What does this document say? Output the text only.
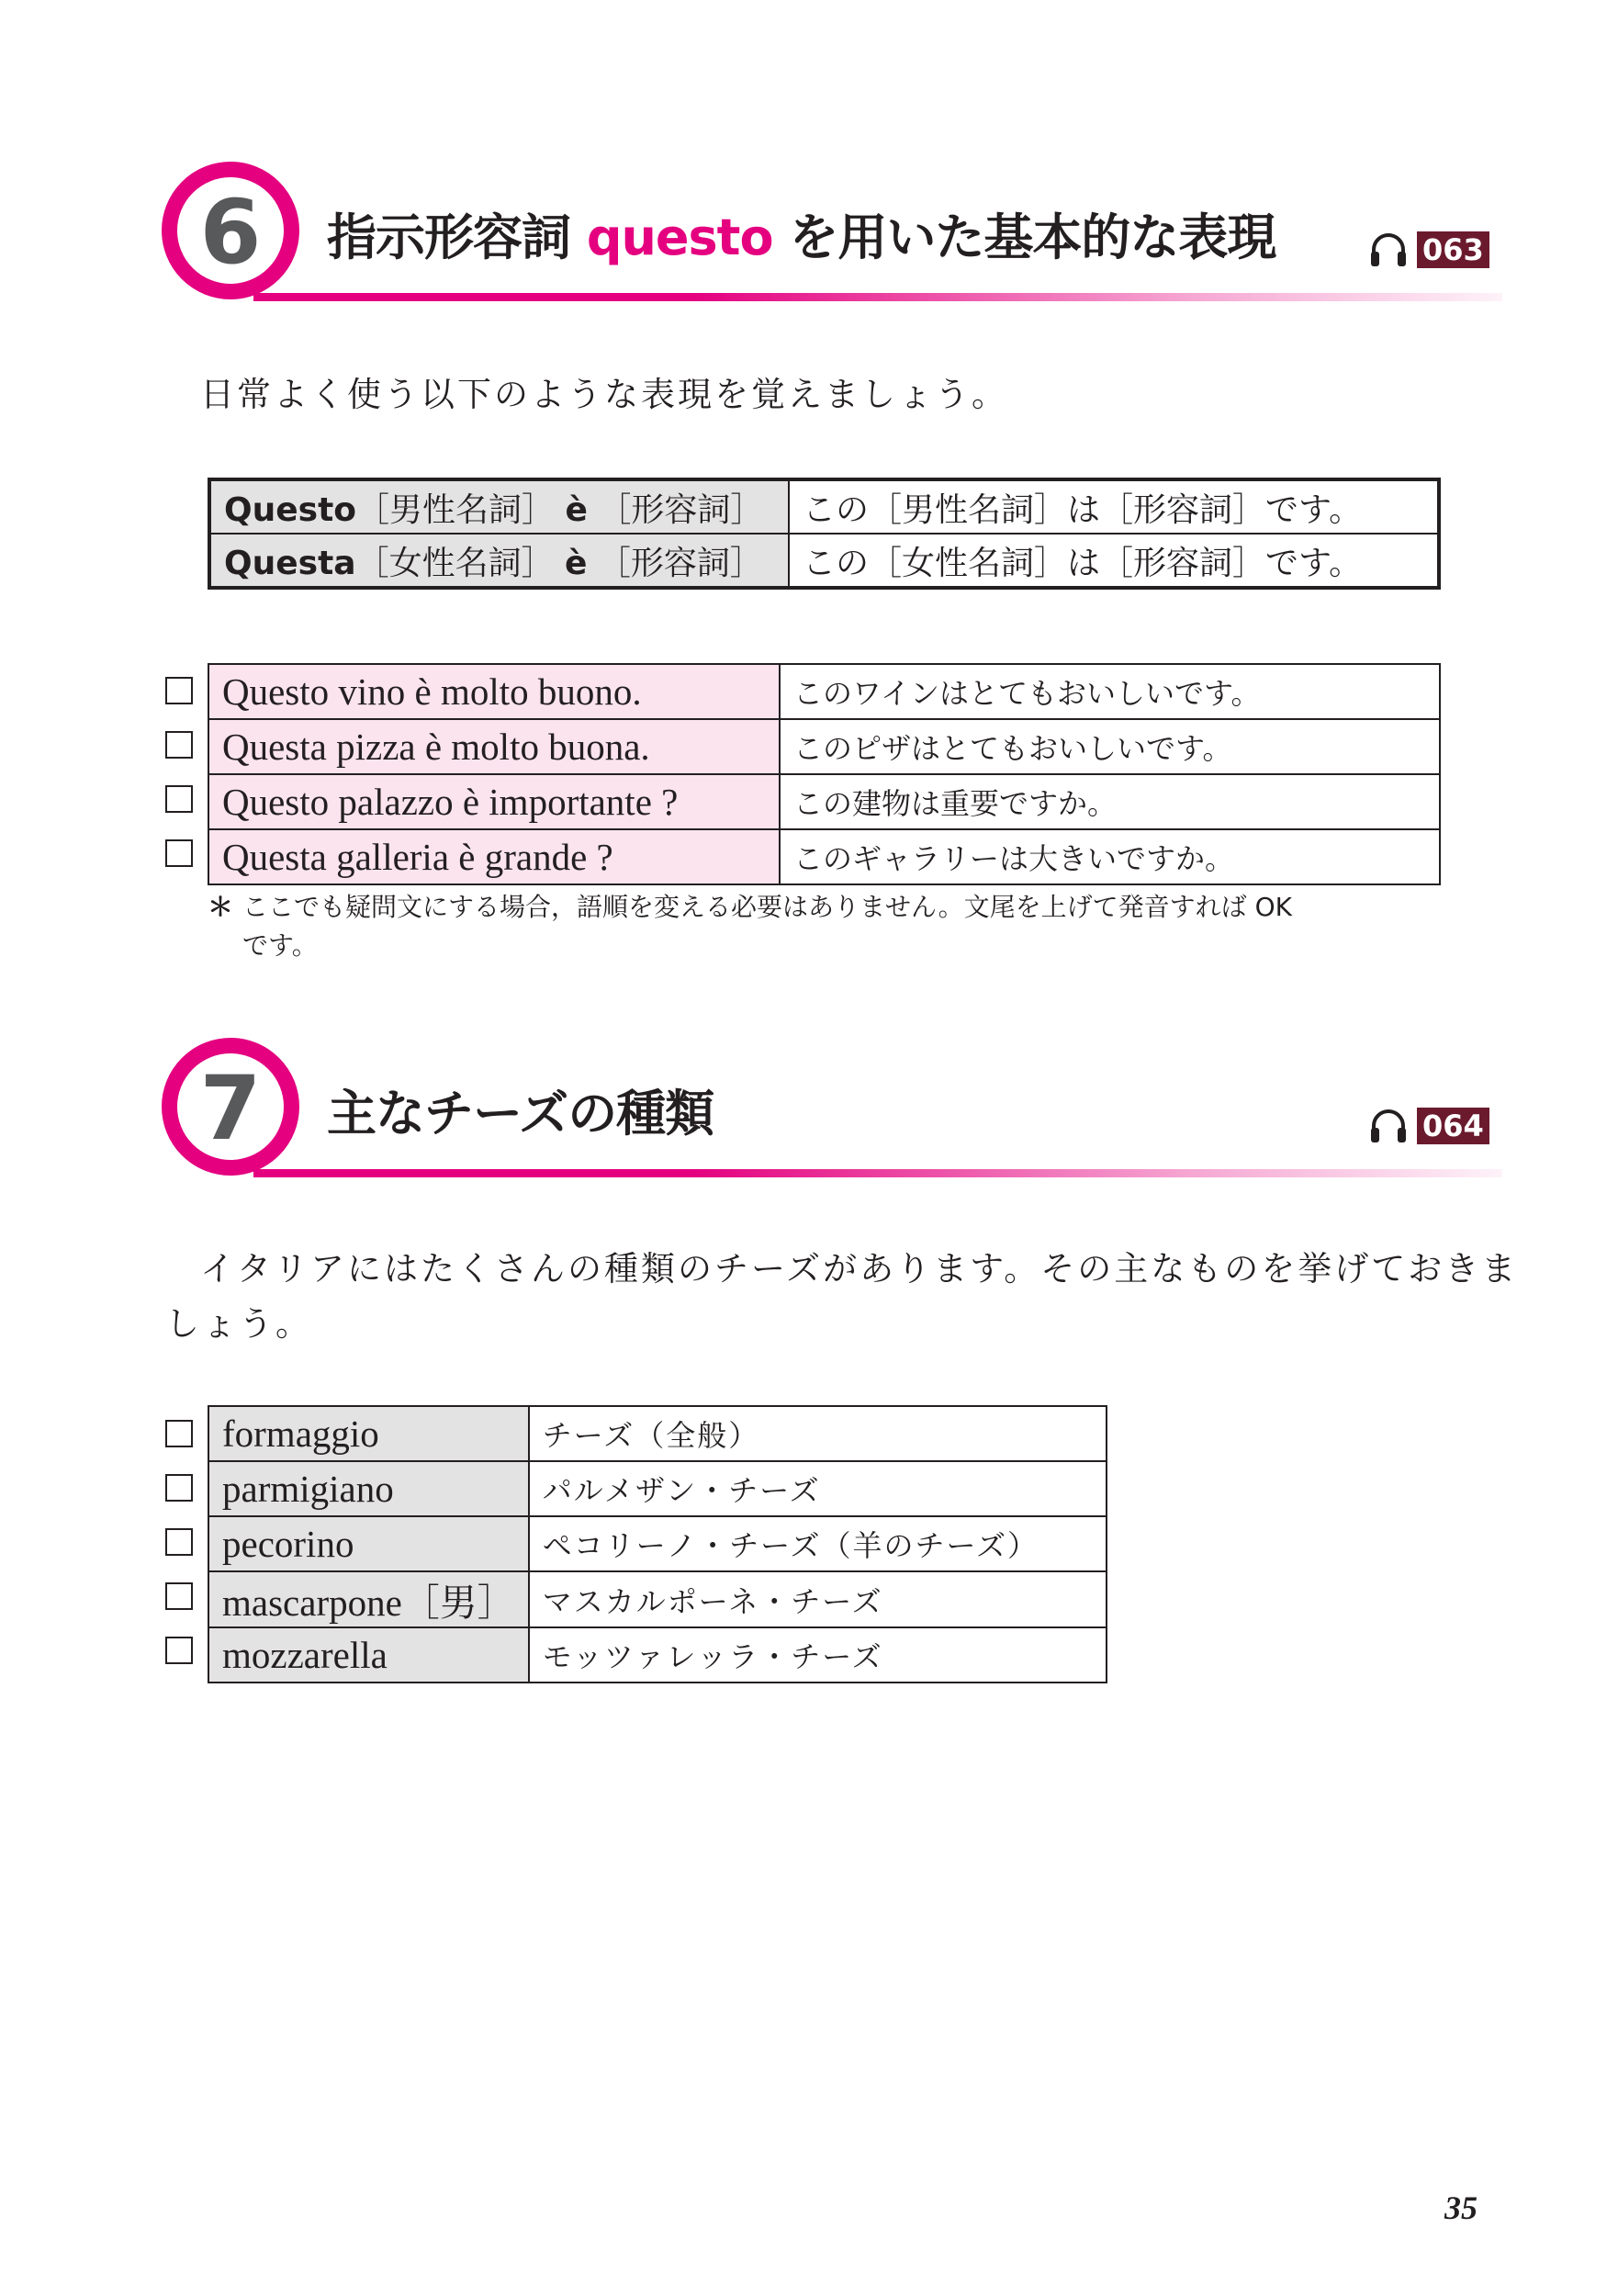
6 指示形容詞 questo を用いた基本的な表現	063
日常よく使う以下のような表現を覚えましょう。
Questo［男性名詞］ è ［形容詞］	この［男性名詞］は［形容詞］です。
Questa［女性名詞］ è ［形容詞］	この［女性名詞］は［形容詞］です。
Questo vino è molto buono.	このワインはとてもおいしいです。
Questa pizza è molto buona.	このピザはとてもおいしいです。
Questo palazzo è importante ?	この建物は重要ですか。
Questa galleria è grande ?	このギャラリーは大きいですか。
＊ ここでも疑問文にする場合，語順を変える必要はありません。文尾を上げて発音すれば OK
です。
7 主なチーズの種類	064
イタリアにはたくさんの種類のチーズがあります。その主なものを挙げておきま
しょう。
formaggio	チーズ（全般）
parmigiano	パルメザン・チーズ
pecorino	ペコリーノ・チーズ（羊のチーズ）
mascarpone［男］	マスカルポーネ・チーズ
mozzarella	モッツァレッラ・チーズ
35
